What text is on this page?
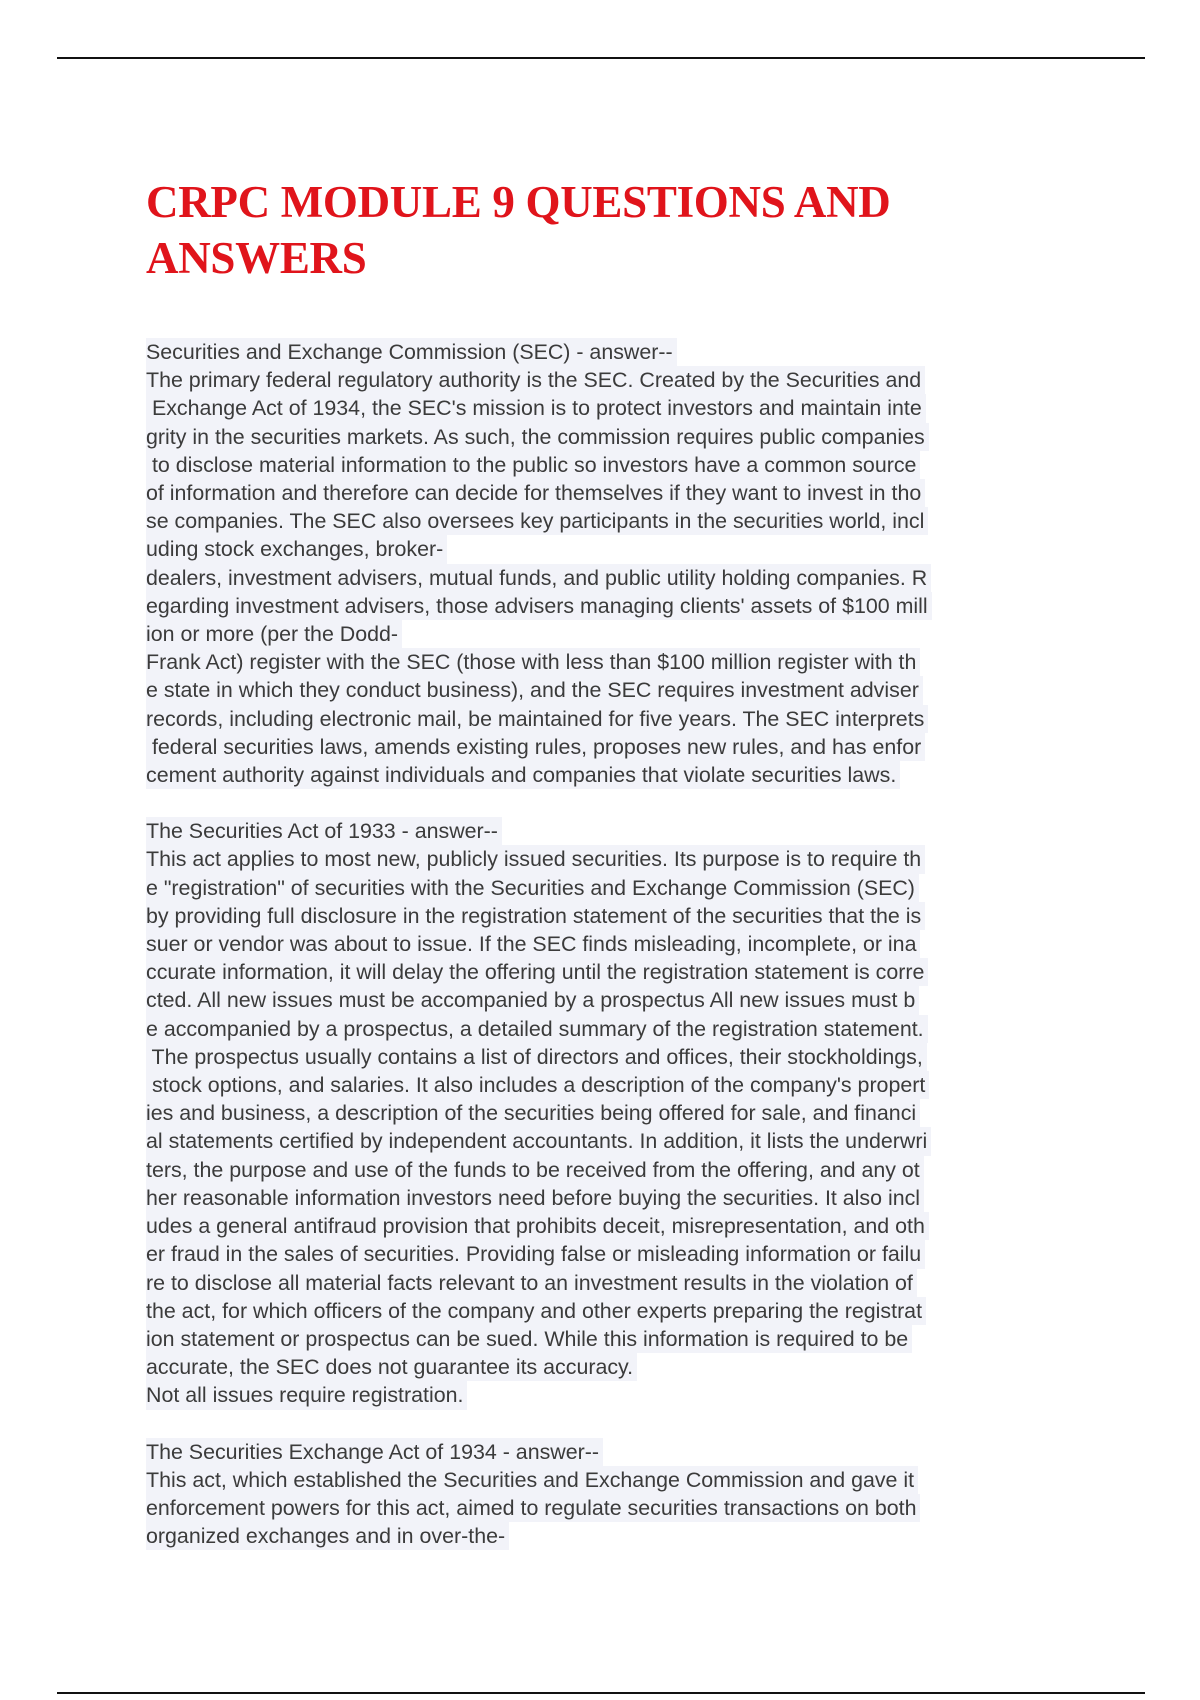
CRPC MODULE 9 QUESTIONS AND
ANSWERS
Securities and Exchange Commission (SEC) - answer--
The primary federal regulatory authority is the SEC. Created by the Securities and
Exchange Act of 1934, the SEC's mission is to protect investors and maintain inte
grity in the securities markets. As such, the commission requires public companies
to disclose material information to the public so investors have a common source
of information and therefore can decide for themselves if they want to invest in tho
se companies. The SEC also oversees key participants in the securities world, incl
uding stock exchanges, broker-
dealers, investment advisers, mutual funds, and public utility holding companies. R
egarding investment advisers, those advisers managing clients' assets of $100 mill
ion or more (per the Dodd-
Frank Act) register with the SEC (those with less than $100 million register with th
e state in which they conduct business), and the SEC requires investment adviser
records, including electronic mail, be maintained for five years. The SEC interprets
federal securities laws, amends existing rules, proposes new rules, and has enfor
cement authority against individuals and companies that violate securities laws.
The Securities Act of 1933 - answer--
This act applies to most new, publicly issued securities. Its purpose is to require th
e "registration" of securities with the Securities and Exchange Commission (SEC)
by providing full disclosure in the registration statement of the securities that the is
suer or vendor was about to issue. If the SEC finds misleading, incomplete, or ina
ccurate information, it will delay the offering until the registration statement is corre
cted. All new issues must be accompanied by a prospectus All new issues must b
e accompanied by a prospectus, a detailed summary of the registration statement.
The prospectus usually contains a list of directors and offices, their stockholdings,
stock options, and salaries. It also includes a description of the company's propert
ies and business, a description of the securities being offered for sale, and financi
al statements certified by independent accountants. In addition, it lists the underwri
ters, the purpose and use of the funds to be received from the offering, and any ot
her reasonable information investors need before buying the securities. It also incl
udes a general antifraud provision that prohibits deceit, misrepresentation, and oth
er fraud in the sales of securities. Providing false or misleading information or failu
re to disclose all material facts relevant to an investment results in the violation of
the act, for which officers of the company and other experts preparing the registrat
ion statement or prospectus can be sued. While this information is required to be
accurate, the SEC does not guarantee its accuracy.
Not all issues require registration.
The Securities Exchange Act of 1934 - answer--
This act, which established the Securities and Exchange Commission and gave it
enforcement powers for this act, aimed to regulate securities transactions on both
organized exchanges and in over-the-
